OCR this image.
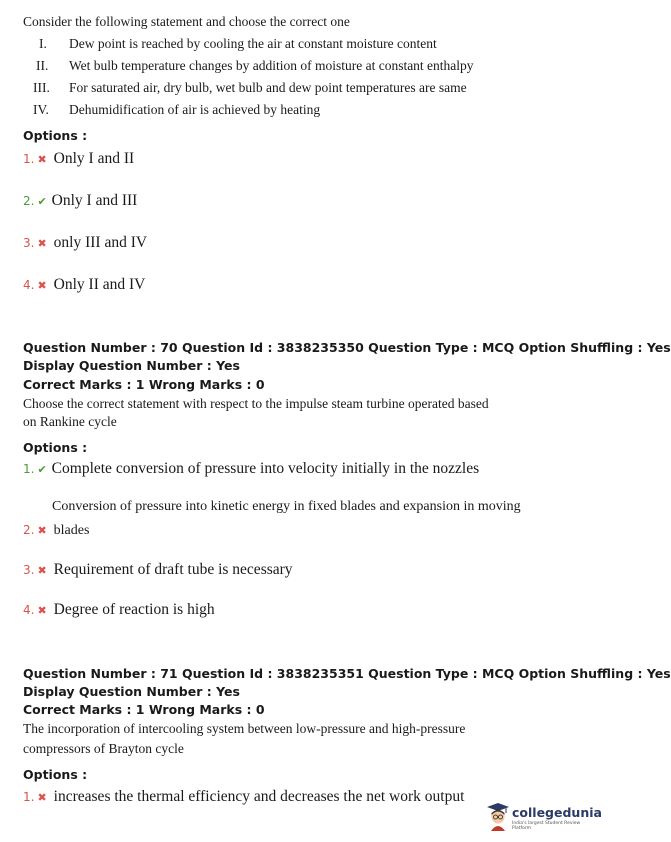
Consider the following statement and choose the correct one
I. Dew point is reached by cooling the air at constant moisture content
II. Wet bulb temperature changes by addition of moisture at constant enthalpy
III. For saturated air, dry bulb, wet bulb and dew point temperatures are same
IV. Dehumidification of air is achieved by heating
Options :
1. ✖ Only I and II
2. ✔ Only I and III
3. ✖ only III and IV
4. ✖ Only II and IV
Question Number : 70 Question Id : 3838235350 Question Type : MCQ Option Shuffling : Yes
Display Question Number : Yes
Correct Marks : 1 Wrong Marks : 0
Choose the correct statement with respect to the impulse steam turbine operated based
on Rankine cycle
Options :
1. ✔ Complete conversion of pressure into velocity initially in the nozzles
Conversion of pressure into kinetic energy in fixed blades and expansion in moving
2. ✖ blades
3. ✖ Requirement of draft tube is necessary
4. ✖ Degree of reaction is high
Question Number : 71 Question Id : 3838235351 Question Type : MCQ Option Shuffling : Yes
Display Question Number : Yes
Correct Marks : 1 Wrong Marks : 0
The incorporation of intercooling system between low-pressure and high-pressure
compressors of Brayton cycle
Options :
1. ✖ increases the thermal efficiency and decreases the net work output
collegedunia
India's largest Student Review Platform
